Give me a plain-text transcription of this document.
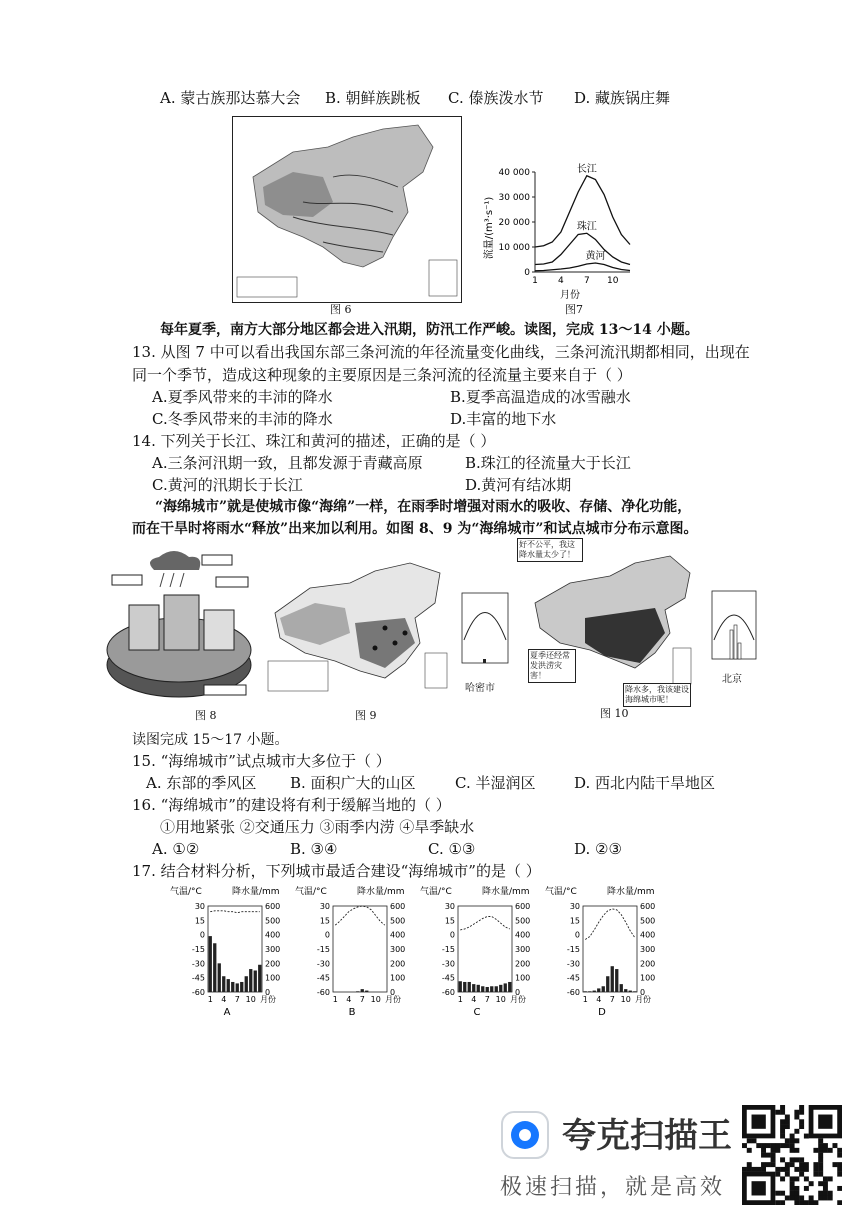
A. 蒙古族那达慕大会 B. 朝鲜族跳板 C. 傣族泼水节 D. 藏族锅庄舞
图 6
流量/(m³·s⁻¹)
0
10 000
20 000
30 000
40 000
1 4 7 10
长江
珠江
黄河
月份
图7
每年夏季，南方大部分地区都会进入汛期，防汛工作严峻。读图，完成 13～14 小题。
13. 从图 7 中可以看出我国东部三条河流的年径流量变化曲线，三条河流汛期都相同，出现在
同一个季节，造成这种现象的主要原因是三条河流的径流量主要来自于（ ）
A.夏季风带来的丰沛的降水	B.夏季高温造成的冰雪融水
C.冬季风带来的丰沛的降水	D.丰富的地下水
14. 下列关于长江、珠江和黄河的描述，正确的是（ ）
A.三条河汛期一致，且都发源于青藏高原	B.珠江的径流量大于长江
C.黄河的汛期长于长江	D.黄河有结冰期
“海绵城市”就是使城市像“海绵”一样，在雨季时增强对雨水的吸收、存储、净化功能，
而在干旱时将雨水“释放”出来加以利用。如图 8、9 为“海绵城市”和试点城市分布示意图。
图 8	图 9
哈密市
好不公平，我这降水量太少了！
夏季还经常发洪涝灾害！
降水多，我该建设海绵城市呢！
图 10
北京
读图完成 15～17 小题。
15. “海绵城市”试点城市大多位于（ ）
A. 东部的季风区 B. 面积广大的山区	C. 半湿润区	D. 西北内陆干旱地区
16. “海绵城市”的建设将有利于缓解当地的（ ）
①用地紧张 ②交通压力 ③雨季内涝 ④旱季缺水
A. ①②	B. ③④	C. ①③	D. ②③
17. 结合材料分析，下列城市最适合建设“海绵城市”的是（ ）
气温/°C	降水量/mm
30
15
0
-15
-30
-45
-60
600
500
400
300
200
100
0
1 4 7 10 月份
A
气温/°C	降水量/mm
30
15
0
-15
-30
-45
-60
600
500
400
300
200
100
0
1 4 7 10 月份
B
气温/°C	降水量/mm
30
15
0
-15
-30
-45
-60
600
500
400
300
200
100
0
1 4 7 10 月份
C
气温/°C	降水量/mm
30
15
0
-15
-30
-45
-60
600
500
400
300
200
100
0
1 4 7 10 月份
D
夸克扫描王
极速扫描，就是高效
